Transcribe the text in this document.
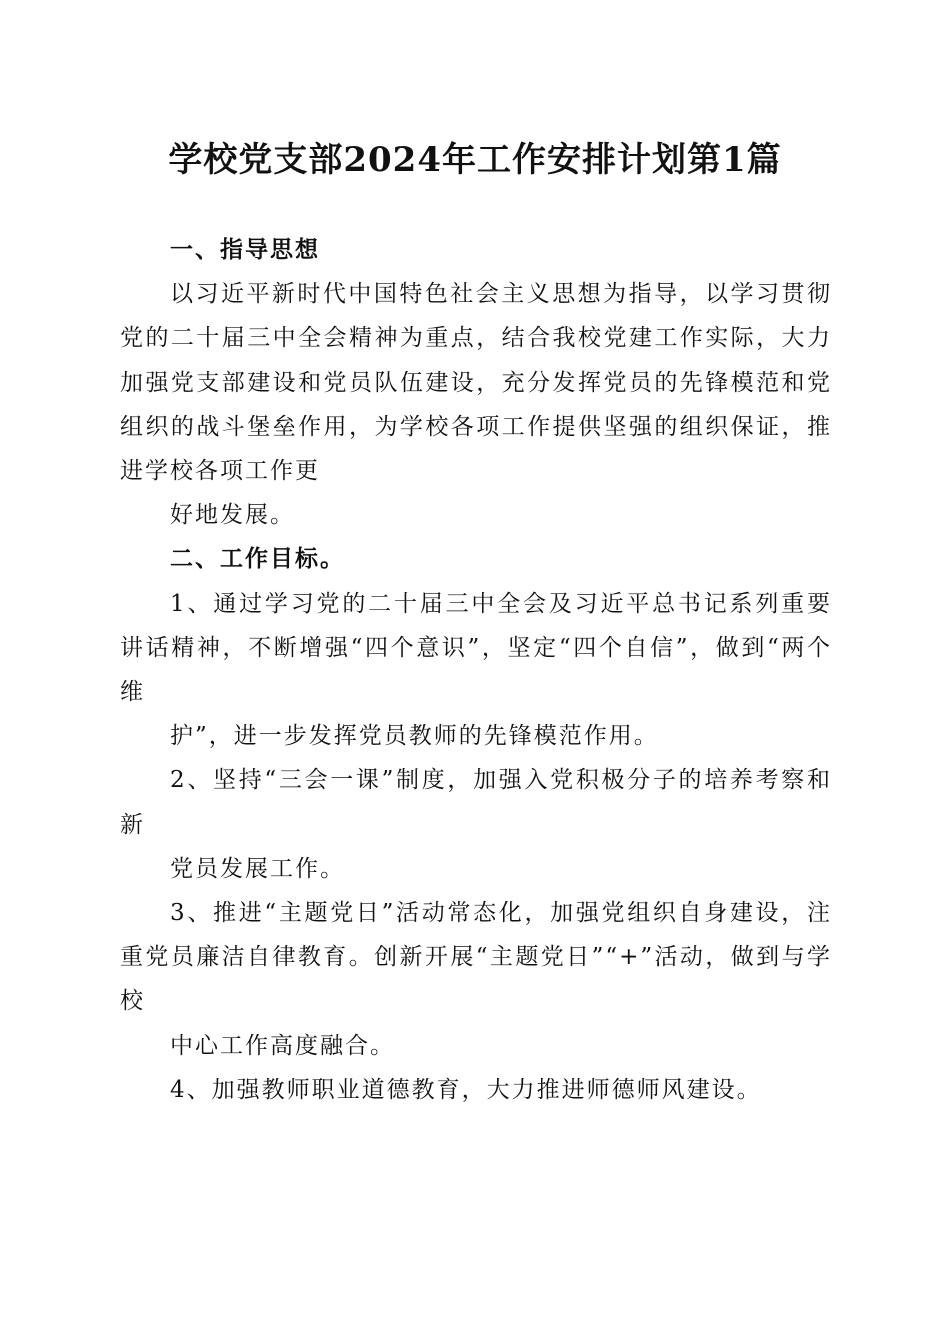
学校党支部2024年工作安排计划第1篇

一、指导思想

以习近平新时代中国特色社会主义思想为指导，以学习贯彻党的二十届三中全会精神为重点，结合我校党建工作实际，大力加强党支部建设和党员队伍建设，充分发挥党员的先锋模范和党组织的战斗堡垒作用，为学校各项工作提供坚强的组织保证，推进学校各项工作更

好地发展。

二、工作目标。

1、通过学习党的二十届三中全会及习近平总书记系列重要讲话精神，不断增强“四个意识”，坚定“四个自信”，做到“两个维

护”，进一步发挥党员教师的先锋模范作用。

2、坚持“三会一课”制度，加强入党积极分子的培养考察和新

党员发展工作。

3、推进“主题党日”活动常态化，加强党组织自身建设，注重党员廉洁自律教育。创新开展“主题党日”“+”活动，做到与学校

中心工作高度融合。

4、加强教师职业道德教育，大力推进师德师风建设。
